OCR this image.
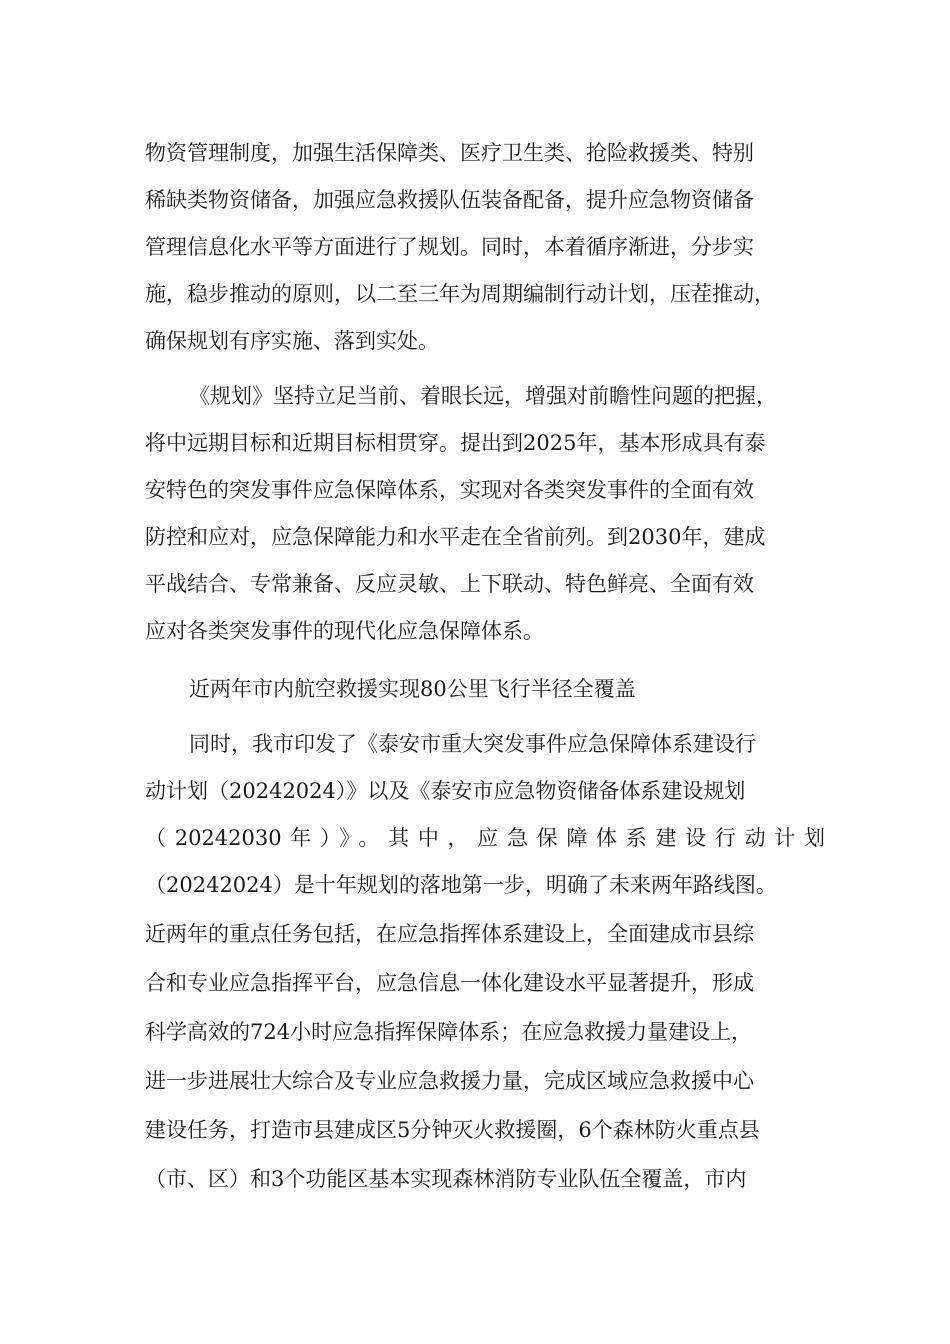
物资管理制度，加强生活保障类、医疗卫生类、抢险救援类、特别
稀缺类物资储备，加强应急救援队伍装备配备，提升应急物资储备
管理信息化水平等方面进行了规划。同时，本着循序渐进，分步实
施，稳步推动的原则，以二至三年为周期编制行动计划，压茬推动，
确保规划有序实施、落到实处。
《规划》坚持立足当前、着眼长远，增强对前瞻性问题的把握，
将中远期目标和近期目标相贯穿。提出到2025年，基本形成具有泰
安特色的突发事件应急保障体系，实现对各类突发事件的全面有效
防控和应对，应急保障能力和水平走在全省前列。到2030年，建成
平战结合、专常兼备、反应灵敏、上下联动、特色鲜亮、全面有效
应对各类突发事件的现代化应急保障体系。
近两年市内航空救援实现80公里飞行半径全覆盖
同时，我市印发了《泰安市重大突发事件应急保障体系建设行
动计划（20242024）》以及《泰安市应急物资储备体系建设规划
（20242030年）》。其中，应急保障体系建设行动计划
（20242024）是十年规划的落地第一步，明确了未来两年路线图。
近两年的重点任务包括，在应急指挥体系建设上，全面建成市县综
合和专业应急指挥平台，应急信息一体化建设水平显著提升，形成
科学高效的724小时应急指挥保障体系；在应急救援力量建设上，
进一步进展壮大综合及专业应急救援力量，完成区域应急救援中心
建设任务，打造市县建成区5分钟灭火救援圈，6个森林防火重点县
（市、区）和3个功能区基本实现森林消防专业队伍全覆盖，市内
